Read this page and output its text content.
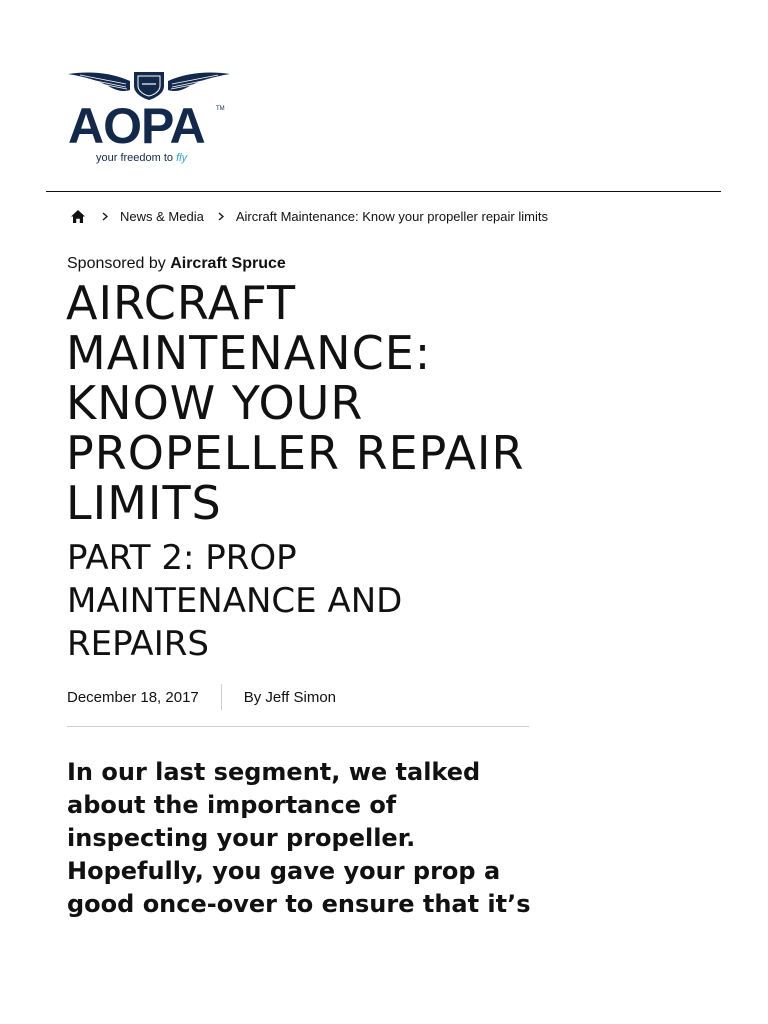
AOPA TM
your freedom to fly
News & Media Aircraft Maintenance: Know your propeller repair limits
Sponsored by Aircraft Spruce
AIRCRAFT MAINTENANCE: KNOW YOUR PROPELLER REPAIR LIMITS
PART 2: PROP MAINTENANCE AND REPAIRS
December 18, 2017	By Jeff Simon

In our last segment, we talked about the importance of inspecting your propeller. Hopefully, you gave your prop a good once-over to ensure that it’s
